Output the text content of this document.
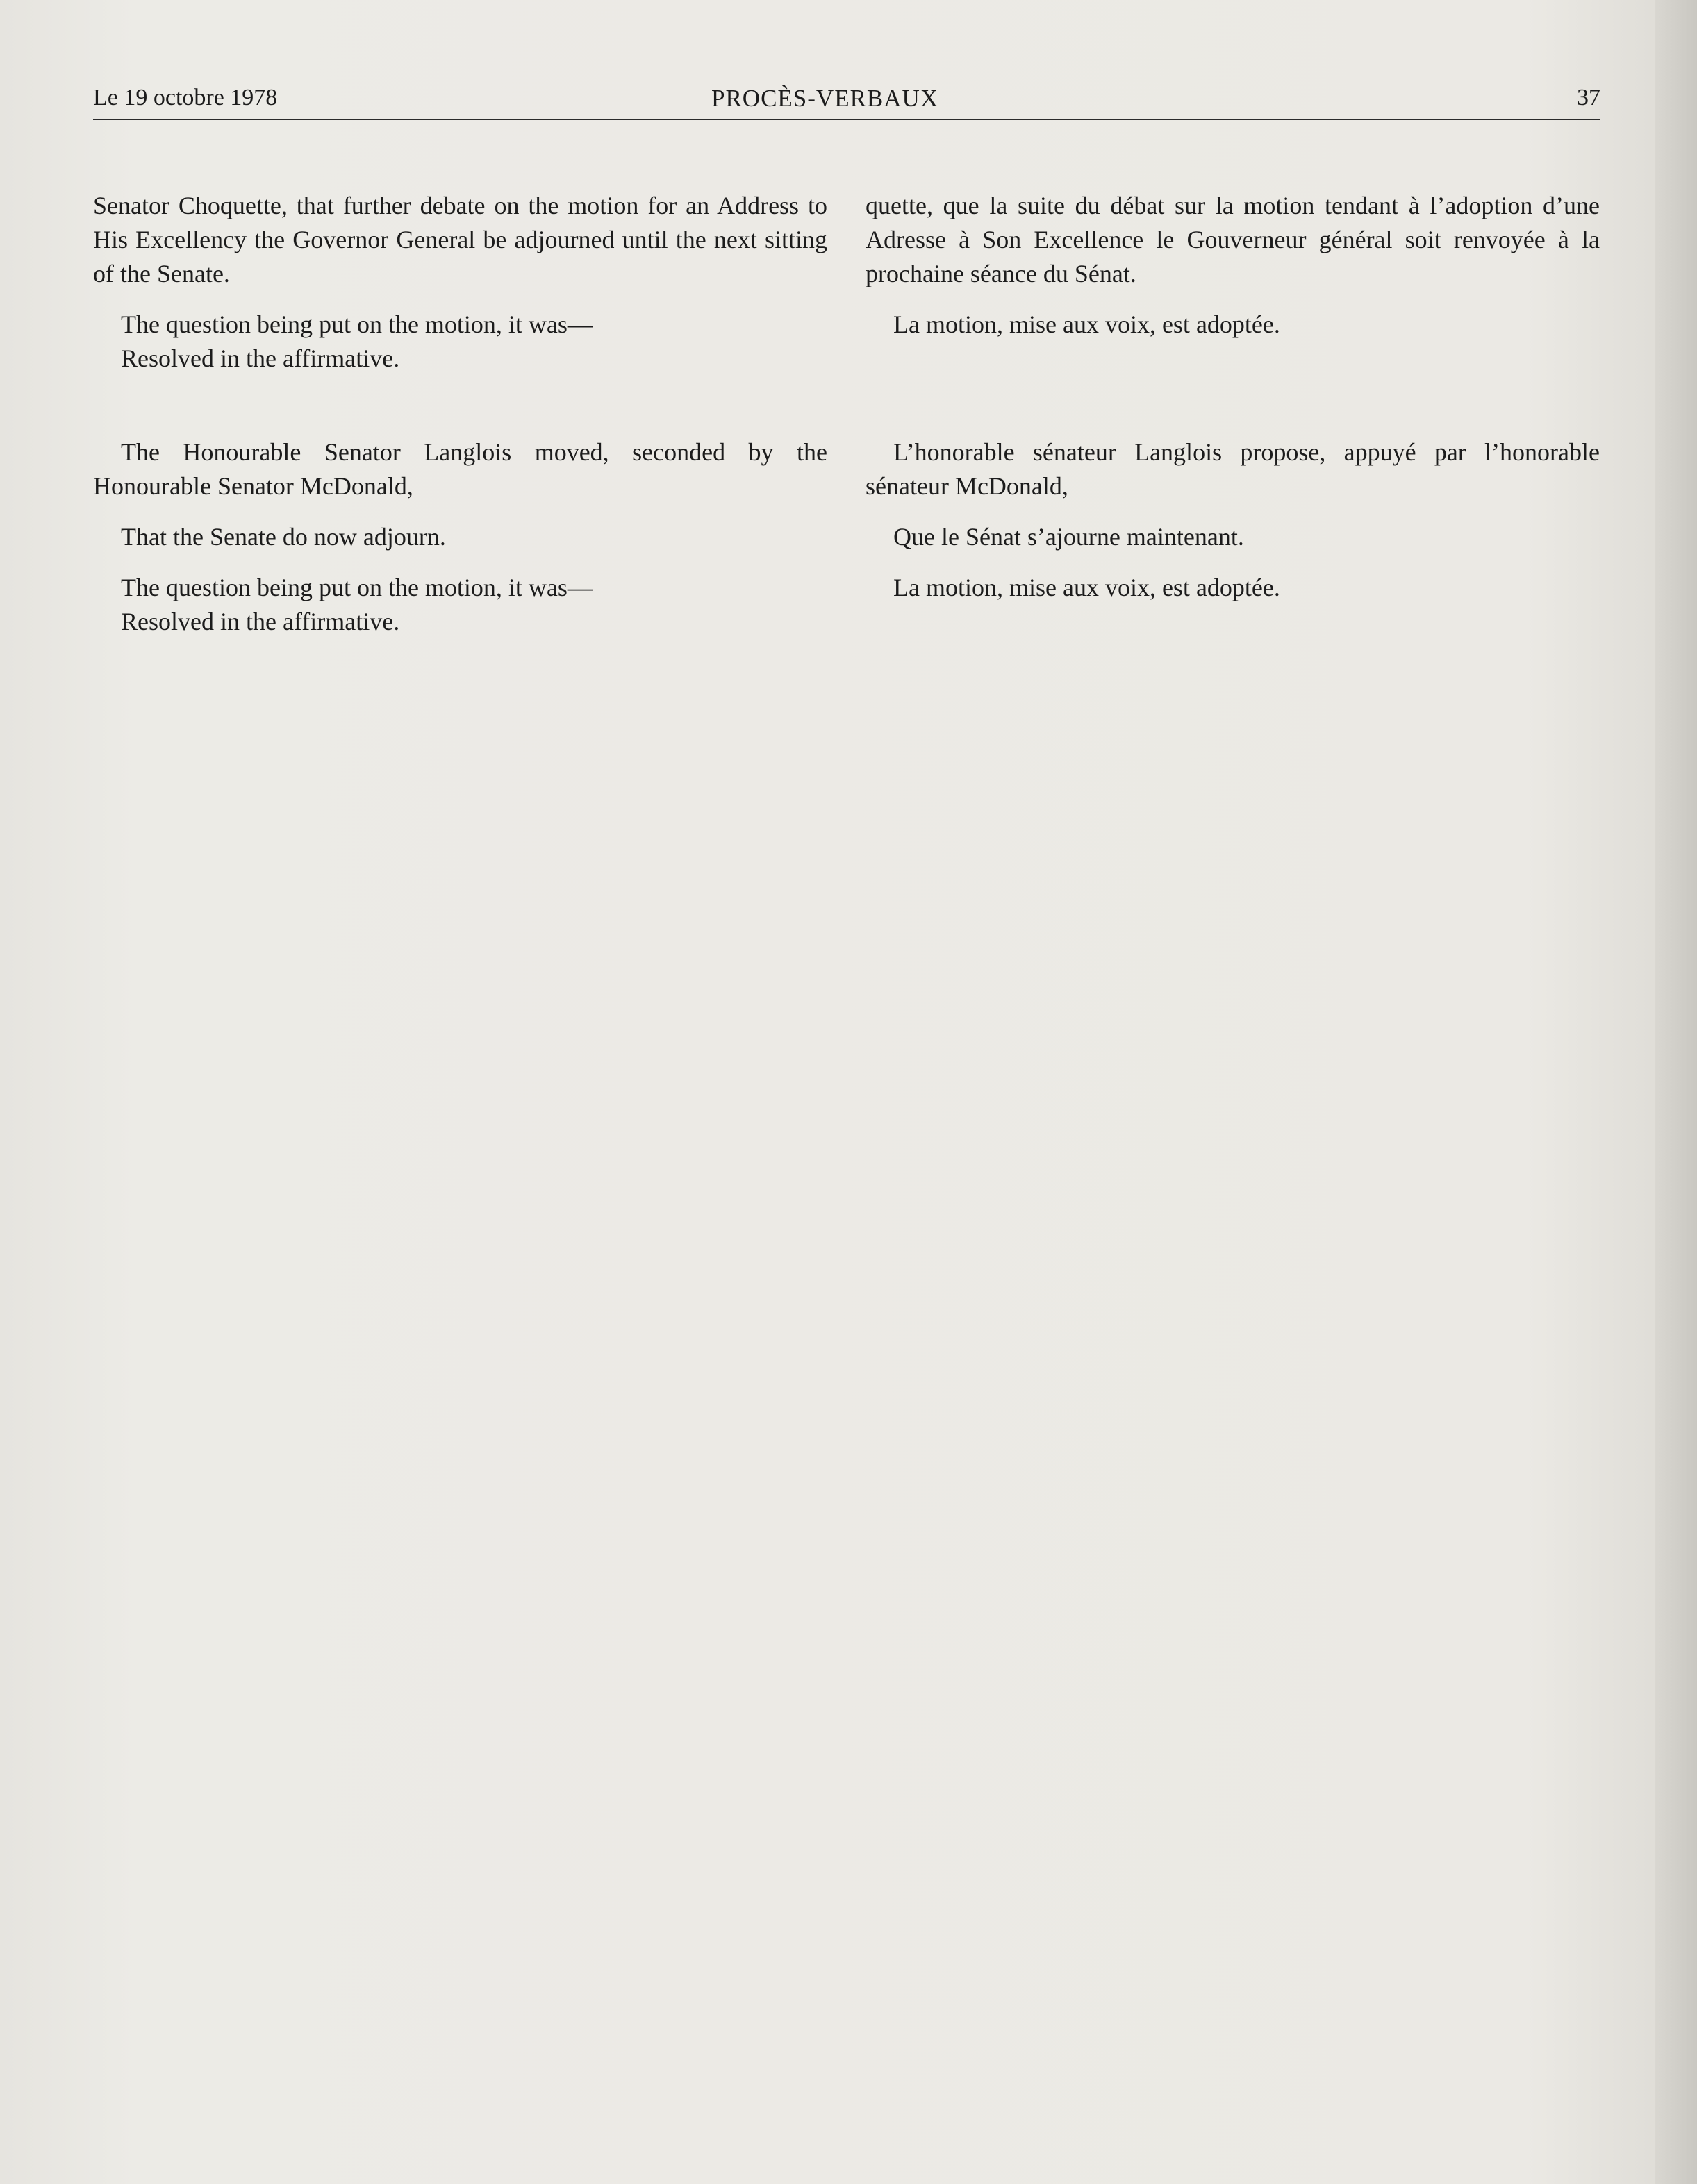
Le 19 octobre 1978	PROCÈS-VERBAUX	37

Senator Choquette, that further debate on the motion for an Address to His Excellency the Governor General be adjourned until the next sitting of the Senate.

The question being put on the motion, it was—

Resolved in the affirmative.

The Honourable Senator Langlois moved, seconded by the Honourable Senator McDonald,

That the Senate do now adjourn.

The question being put on the motion, it was—

Resolved in the affirmative.

quette, que la suite du débat sur la motion tendant à l’adoption d’une Adresse à Son Excellence le Gouverneur général soit renvoyée à la prochaine séance du Sénat.

La motion, mise aux voix, est adoptée.

L’honorable sénateur Langlois propose, appuyé par l’honorable sénateur McDonald,

Que le Sénat s’ajourne maintenant.

La motion, mise aux voix, est adoptée.
